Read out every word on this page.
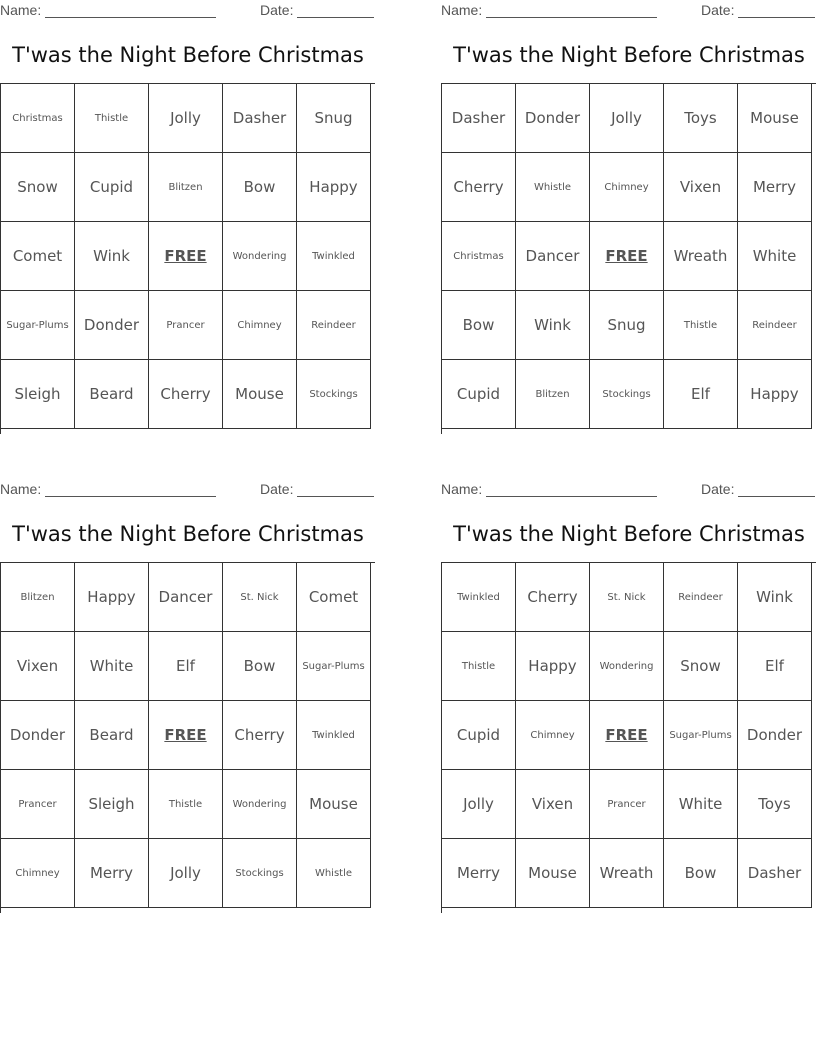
Name:	Date:
T'was the Night Before Christmas
Christmas	Thistle	Jolly	Dasher	Snug
Snow	Cupid	Blitzen	Bow	Happy
Comet	Wink	FREE	Wondering	Twinkled
Sugar-Plums	Donder	Prancer	Chimney	Reindeer
Sleigh	Beard	Cherry	Mouse	Stockings
Name:	Date:
T'was the Night Before Christmas
Dasher	Donder	Jolly	Toys	Mouse
Cherry	Whistle	Chimney	Vixen	Merry
Christmas	Dancer	FREE	Wreath	White
Bow	Wink	Snug	Thistle	Reindeer
Cupid	Blitzen	Stockings	Elf	Happy
Name:	Date:
T'was the Night Before Christmas
Blitzen	Happy	Dancer	St. Nick	Comet
Vixen	White	Elf	Bow	Sugar-Plums
Donder	Beard	FREE	Cherry	Twinkled
Prancer	Sleigh	Thistle	Wondering	Mouse
Chimney	Merry	Jolly	Stockings	Whistle
Name:	Date:
T'was the Night Before Christmas
Twinkled	Cherry	St. Nick	Reindeer	Wink
Thistle	Happy	Wondering	Snow	Elf
Cupid	Chimney	FREE	Sugar-Plums	Donder
Jolly	Vixen	Prancer	White	Toys
Merry	Mouse	Wreath	Bow	Dasher
